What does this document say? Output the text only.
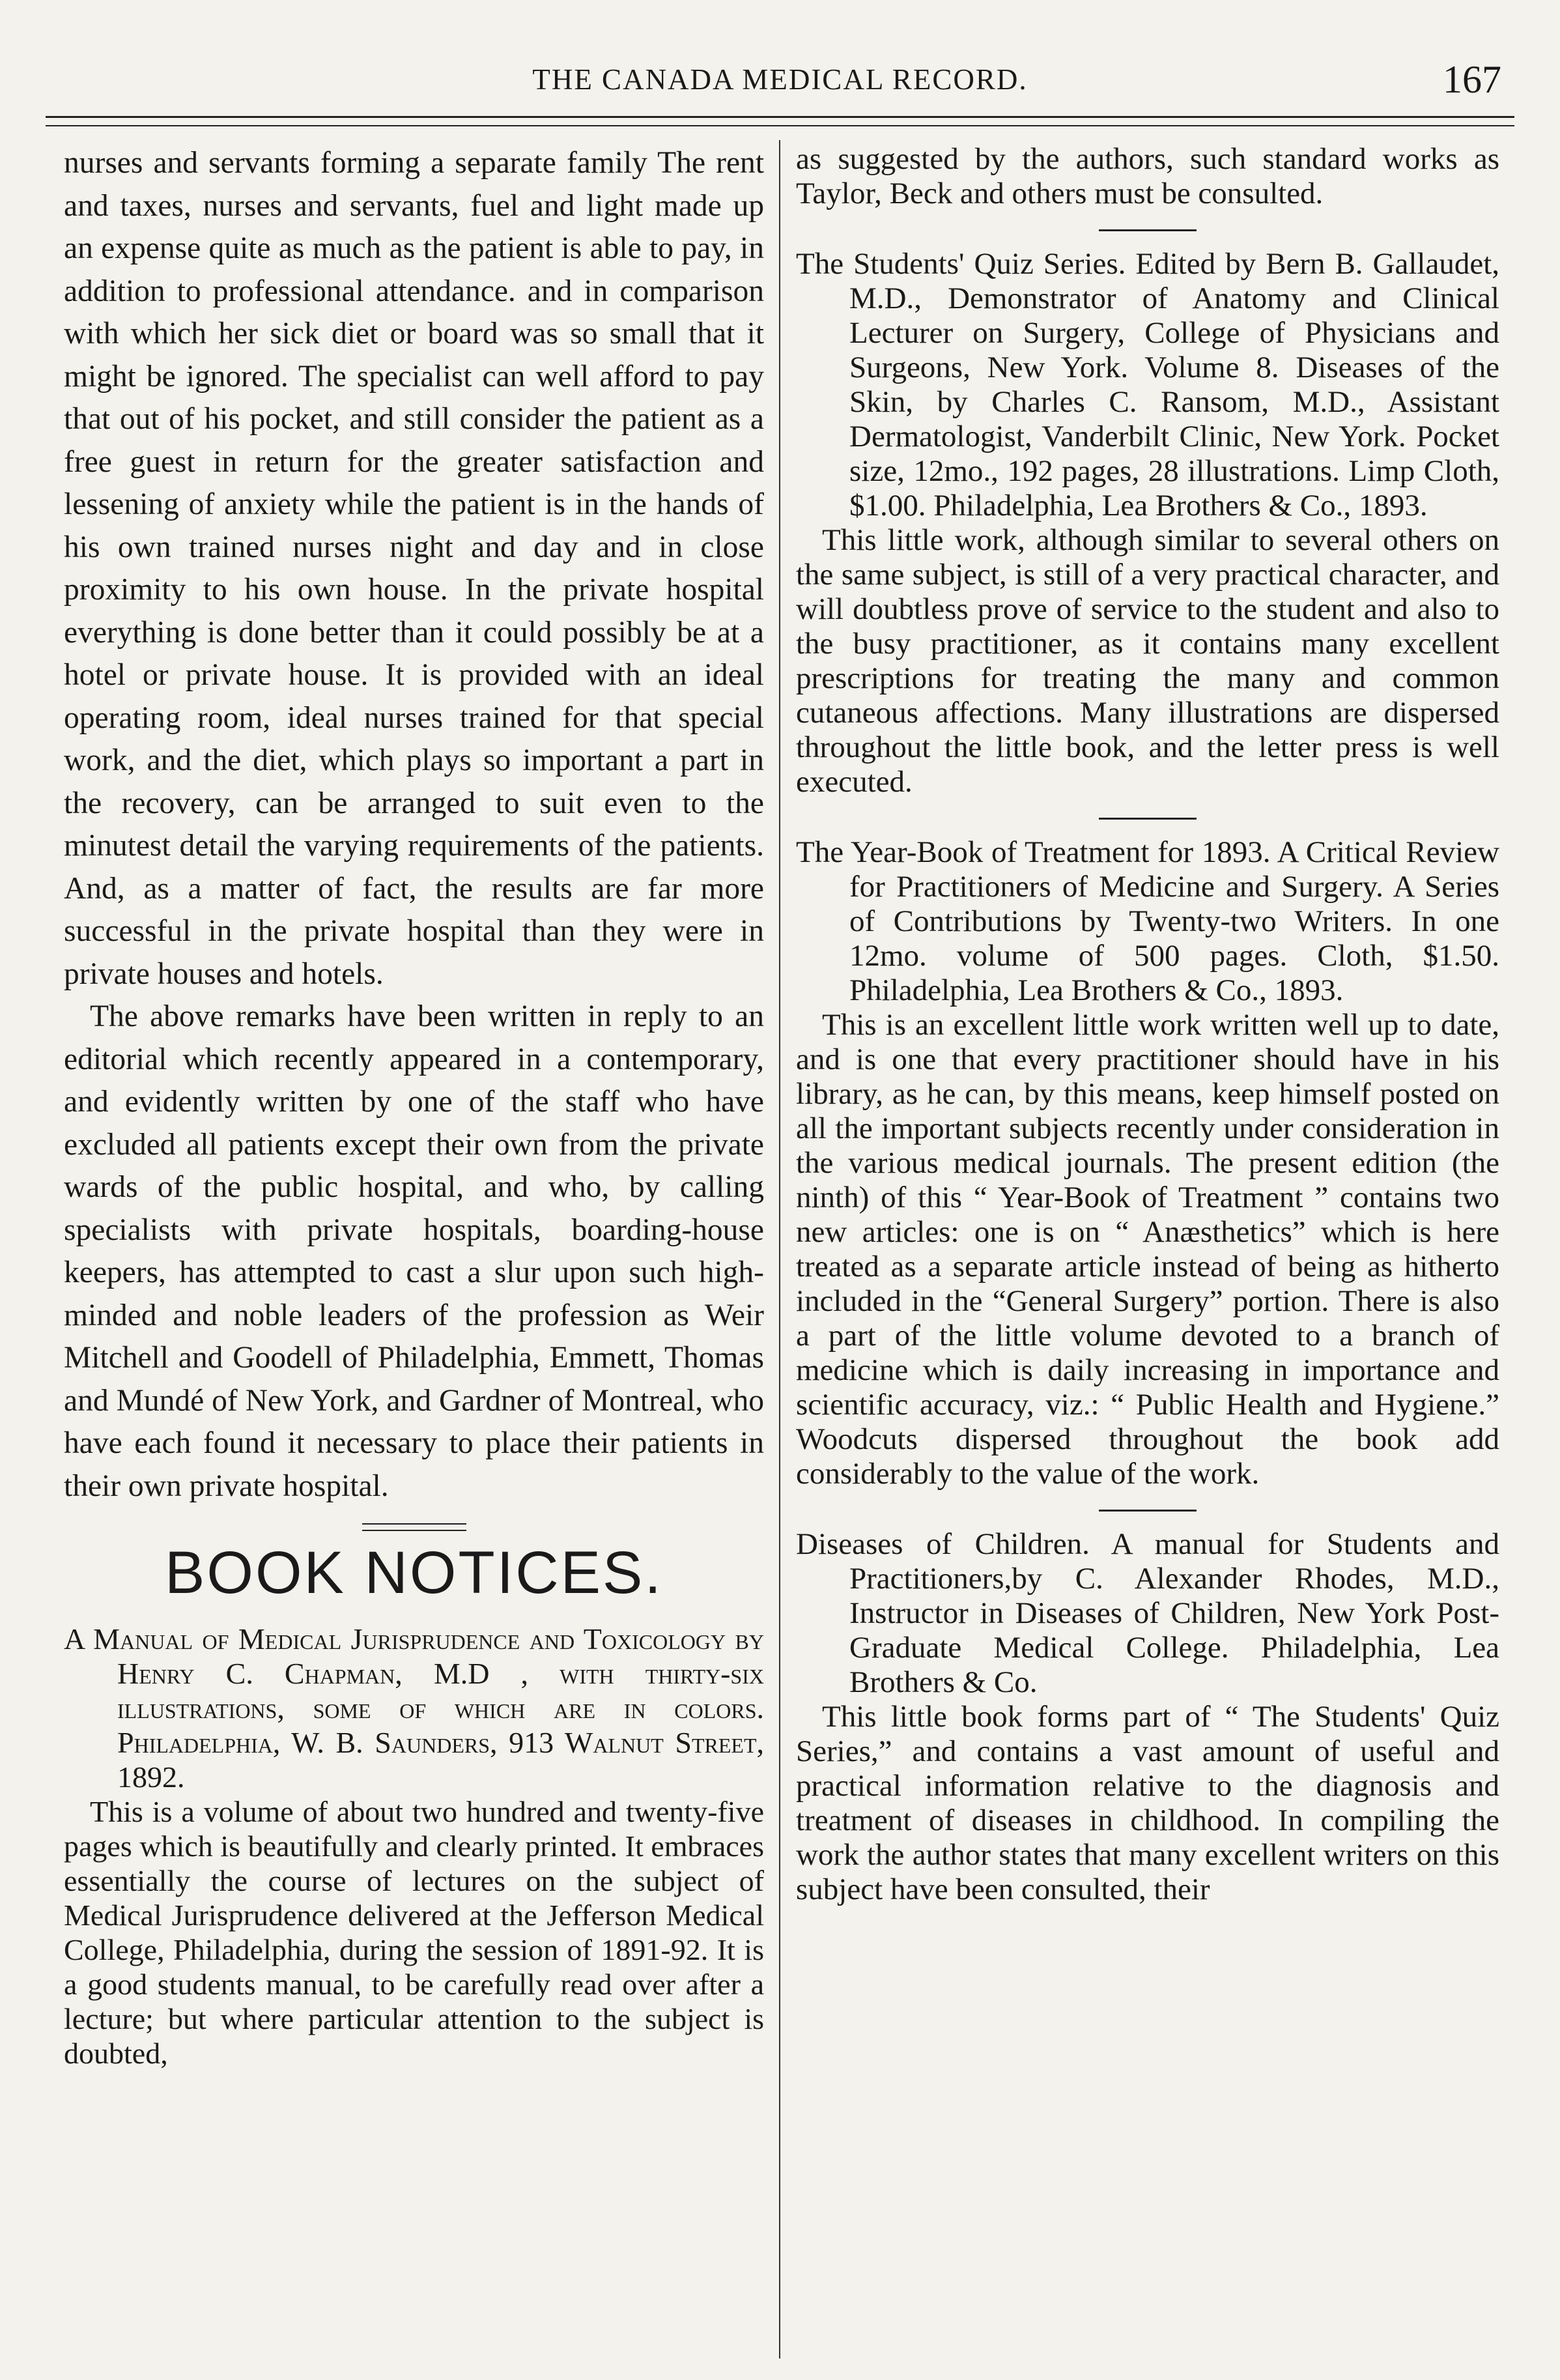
THE CANADA MEDICAL RECORD.	167

nurses and servants forming a separate family The rent and taxes, nurses and servants, fuel and light made up an expense quite as much as the patient is able to pay, in addition to professional attendance. and in comparison with which her sick diet or board was so small that it might be ignored. The specialist can well afford to pay that out of his pocket, and still consider the patient as a free guest in return for the greater satisfaction and lessening of anxiety while the patient is in the hands of his own trained nurses night and day and in close proximity to his own house. In the private hospital everything is done better than it could possibly be at a hotel or private house. It is provided with an ideal operating room, ideal nurses trained for that special work, and the diet, which plays so important a part in the recovery, can be arranged to suit even to the minutest detail the varying requirements of the patients. And, as a matter of fact, the results are far more successful in the private hospital than they were in private houses and hotels.

The above remarks have been written in reply to an editorial which recently appeared in a contemporary, and evidently written by one of the staff who have excluded all patients except their own from the private wards of the public hospital, and who, by calling specialists with private hospitals, boarding-house keepers, has attempted to cast a slur upon such high-minded and noble leaders of the profession as Weir Mitchell and Goodell of Philadelphia, Emmett, Thomas and Mundé of New York, and Gardner of Montreal, who have each found it necessary to place their patients in their own private hospital.

BOOK NOTICES.

A Manual of Medical Jurisprudence and Toxicology by Henry C. Chapman, M.D , with thirty-six illustrations, some of which are in colors. Philadelphia, W. B. Saunders, 913 Walnut Street, 1892.

This is a volume of about two hundred and twenty-five pages which is beautifully and clearly printed. It embraces essentially the course of lectures on the subject of Medical Jurisprudence delivered at the Jefferson Medical College, Philadelphia, during the session of 1891-92. It is a good students manual, to be carefully read over after a lecture; but where particular attention to the subject is doubted,

as suggested by the authors, such standard works as Taylor, Beck and others must be consulted.

The Students' Quiz Series. Edited by Bern B. Gallaudet, M.D., Demonstrator of Anatomy and Clinical Lecturer on Surgery, College of Physicians and Surgeons, New York. Volume 8. Diseases of the Skin, by Charles C. Ransom, M.D., Assistant Dermatologist, Vanderbilt Clinic, New York. Pocket size, 12mo., 192 pages, 28 illustrations. Limp Cloth, $1.00. Philadelphia, Lea Brothers & Co., 1893.

This little work, although similar to several others on the same subject, is still of a very practical character, and will doubtless prove of service to the student and also to the busy practitioner, as it contains many excellent prescriptions for treating the many and common cutaneous affections. Many illustrations are dispersed throughout the little book, and the letter press is well executed.

The Year-Book of Treatment for 1893. A Critical Review for Practitioners of Medicine and Surgery. A Series of Contributions by Twenty-two Writers. In one 12mo. volume of 500 pages. Cloth, $1.50. Philadelphia, Lea Brothers & Co., 1893.

This is an excellent little work written well up to date, and is one that every practitioner should have in his library, as he can, by this means, keep himself posted on all the important subjects recently under consideration in the various medical journals. The present edition (the ninth) of this “ Year-Book of Treatment ” contains two new articles: one is on “ Anæsthetics” which is here treated as a separate article instead of being as hitherto included in the “General Surgery” portion. There is also a part of the little volume devoted to a branch of medicine which is daily increasing in importance and scientific accuracy, viz.: “ Public Health and Hygiene.” Woodcuts dispersed throughout the book add considerably to the value of the work.

Diseases of Children. A manual for Students and Practitioners,by C. Alexander Rhodes, M.D., Instructor in Diseases of Children, New York Post-Graduate Medical College. Philadelphia, Lea Brothers & Co.

This little book forms part of “ The Students' Quiz Series,” and contains a vast amount of useful and practical information relative to the diagnosis and treatment of diseases in childhood. In compiling the work the author states that many excellent writers on this subject have been consulted, their
